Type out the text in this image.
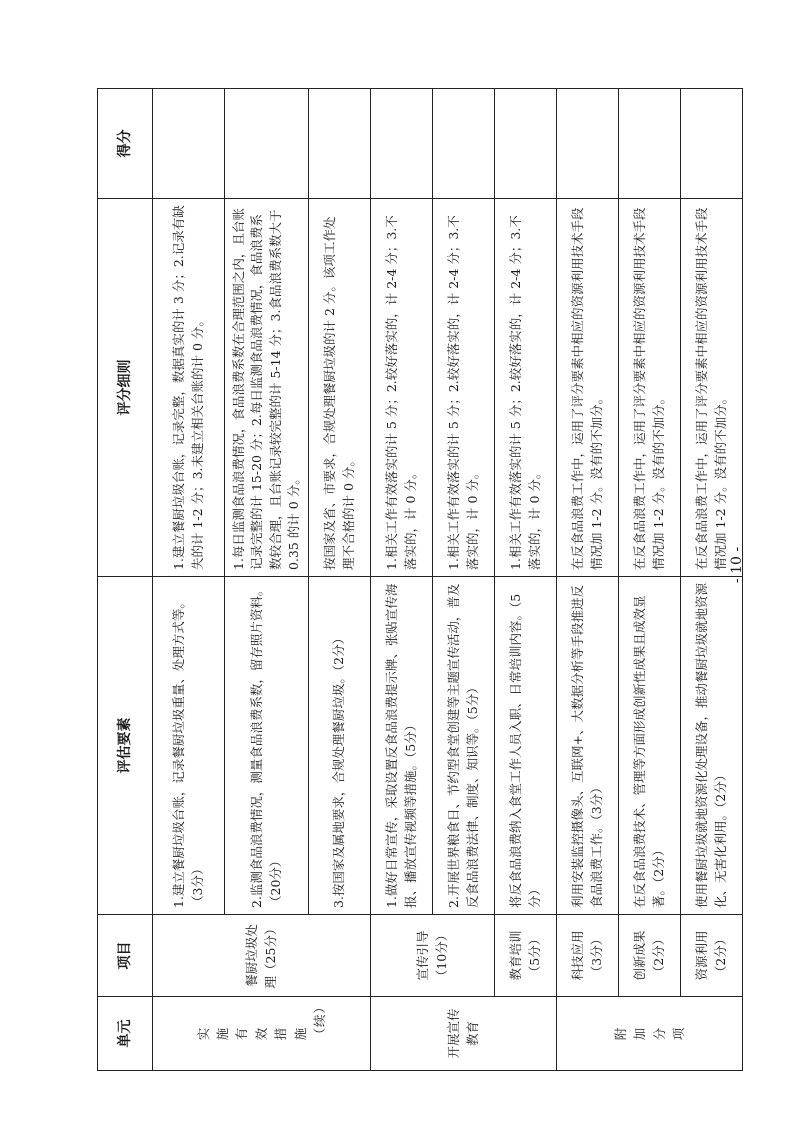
单元	项目	评估要素	评分细则	得分
实施有效措施（续）	餐厨垃圾处理（25分）	1.建立餐厨垃圾台账，记录餐厨垃圾重量、处理方式等。（3分）	1.建立餐厨垃圾台账，记录完整，数据真实的计 3 分；2.记录有缺失的计 1-2 分；3.未建立相关台账的计 0 分。	
		2.监测食品浪费情况，测量食品浪费系数，留存照片资料。（20分）	1.每日监测食品浪费情况，食品浪费系数在合理范围之内，且台账记录完整的计 15-20 分；2.每日监测食品浪费情况，食品浪费系数较合理，且台账记录较完整的计 5-14 分；3.食品浪费系数大于 0.35 的计 0 分。	
		3.按国家及属地要求，合规处理餐厨垃圾。（2分）	按国家及省、市要求，合规处理餐厨垃圾的计 2 分。该项工作处理不合格的计 0 分。	
开展宣传教育	宣传引导（10分）	1.做好日常宣传，采取设置反食品浪费提示牌、张贴宣传海报、播放宣传视频等措施。（5分）	1.相关工作有效落实的计 5 分；2.较好落实的，计 2-4 分；3.不落实的，计 0 分。	
		2.开展世界粮食日、节约型食堂创建等主题宣传活动，普及反食品浪费法律、制度、知识等。（5分）	1.相关工作有效落实的计 5 分；2.较好落实的，计 2-4 分；3.不落实的，计 0 分。	
	教育培训（5分）	将反食品浪费纳入食堂工作人员入职、日常培训内容。（5分）	1.相关工作有效落实的计 5 分；2.较好落实的，计 2-4 分；3.不落实的，计 0 分。	
附加分项	科技应用（3分）	利用安装监控摄像头、互联网+、大数据分析等手段推进反食品浪费工作。（3分）	在反食品浪费工作中，运用了评分要素中相应的资源利用技术手段情况加 1-2 分。没有的不加分。	
	创新成果（2分）	在反食品浪费技术、管理等方面形成创新性成果且成效显著。（2分）	在反食品浪费工作中，运用了评分要素中相应的资源利用技术手段情况加 1-2 分。没有的不加分。	
	资源利用（2分）	使用餐厨垃圾就地资源化处理设备，推动餐厨垃圾就地资源化、无害化利用。（2分）	在反食品浪费工作中，运用了评分要素中相应的资源利用技术手段情况加 1-2 分。没有的不加分。	- 10 -
